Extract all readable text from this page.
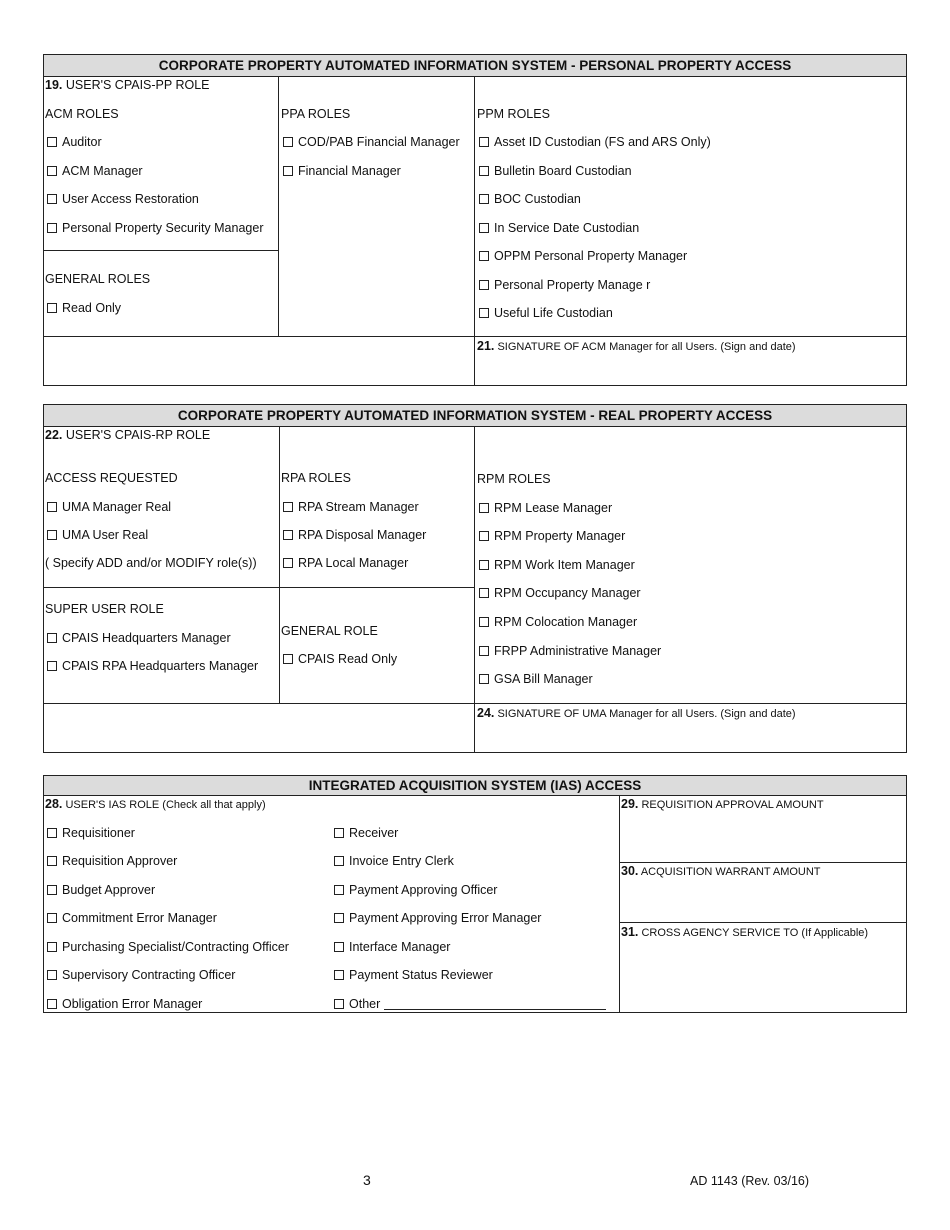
CORPORATE PROPERTY AUTOMATED INFORMATION SYSTEM - PERSONAL PROPERTY ACCESS
19. USER'S CPAIS-PP ROLE
ACM ROLES
Auditor
ACM Manager
User Access Restoration
Personal Property Security Manager
GENERAL ROLES
Read Only
PPA ROLES
COD/PAB Financial Manager
Financial Manager
PPM ROLES
Asset ID Custodian (FS and ARS Only)
Bulletin Board Custodian
BOC Custodian
In Service Date Custodian
OPPM Personal Property Manager
Personal Property Manage r
Useful Life Custodian
21. SIGNATURE OF ACM Manager for all Users. (Sign and date)
CORPORATE PROPERTY AUTOMATED INFORMATION SYSTEM - REAL PROPERTY ACCESS
22. USER'S CPAIS-RP ROLE
ACCESS REQUESTED
UMA Manager Real
UMA User Real
( Specify ADD and/or MODIFY role(s))
SUPER USER ROLE
CPAIS Headquarters Manager
CPAIS RPA Headquarters Manager
RPA ROLES
RPA Stream Manager
RPA Disposal Manager
RPA Local Manager
GENERAL ROLE
CPAIS Read Only
RPM ROLES
RPM Lease Manager
RPM Property Manager
RPM Work Item Manager
RPM Occupancy Manager
RPM Colocation Manager
FRPP Administrative Manager
GSA Bill Manager
24. SIGNATURE OF UMA Manager for all Users. (Sign and date)
INTEGRATED ACQUISITION SYSTEM (IAS) ACCESS
28. USER'S IAS ROLE (Check all that apply)
Requisitioner
Requisition Approver
Budget Approver
Commitment Error Manager
Purchasing Specialist/Contracting Officer
Supervisory Contracting Officer
Obligation Error Manager
Receiver
Invoice Entry Clerk
Payment Approving Officer
Payment Approving Error Manager
Interface Manager
Payment Status Reviewer
Other
29. REQUISITION APPROVAL AMOUNT
30. ACQUISITION WARRANT AMOUNT
31. CROSS AGENCY SERVICE TO (If Applicable)
3	AD 1143 (Rev. 03/16)
